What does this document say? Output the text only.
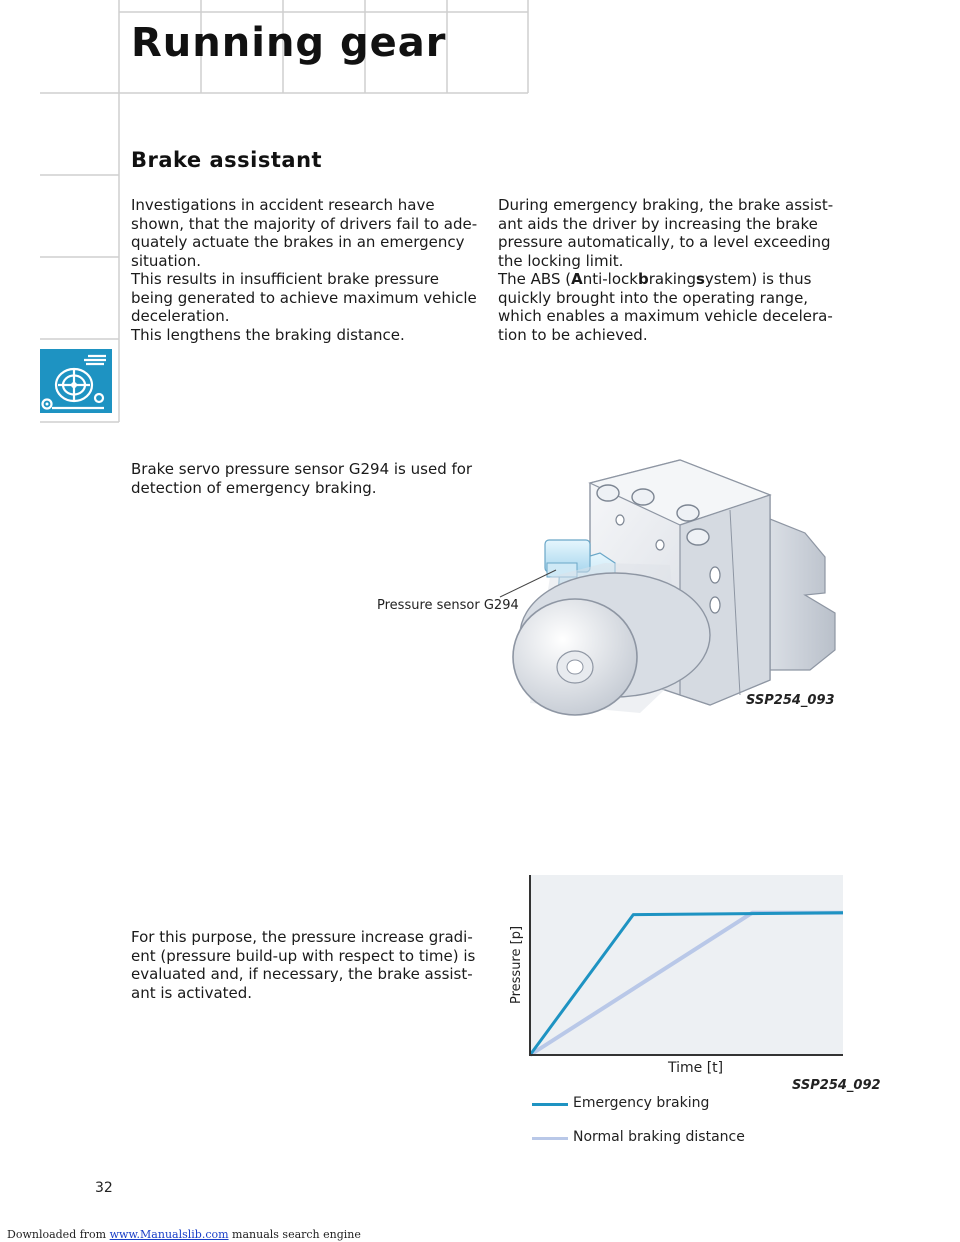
Running gear
Brake assistant

Investigations in accident research have
shown, that the majority of drivers fail to ade-
quately actuate the brakes in an emergency
situation.
This results in insufficient brake pressure
being generated to achieve maximum vehicle
deceleration.
This lengthens the braking distance.

During emergency braking, the brake assist-
ant aids the driver by increasing the brake
pressure automatically, to a level exceeding
the locking limit.
The ABS (Anti-lockbrakingsystem) is thus
quickly brought into the operating range,
which enables a maximum vehicle decelera-
tion to be achieved.

Brake servo pressure sensor G294 is used for
detection of emergency braking.

Pressure sensor G294
SSP254_093

For this purpose, the pressure increase gradi-
ent (pressure build-up with respect to time) is
evaluated and, if necessary, the brake assist-
ant is activated.	Pressure [p]
Time [t]
SSP254_092
Emergency braking
Normal braking distance
32
Downloaded from www.Manualslib.com manuals search engine
